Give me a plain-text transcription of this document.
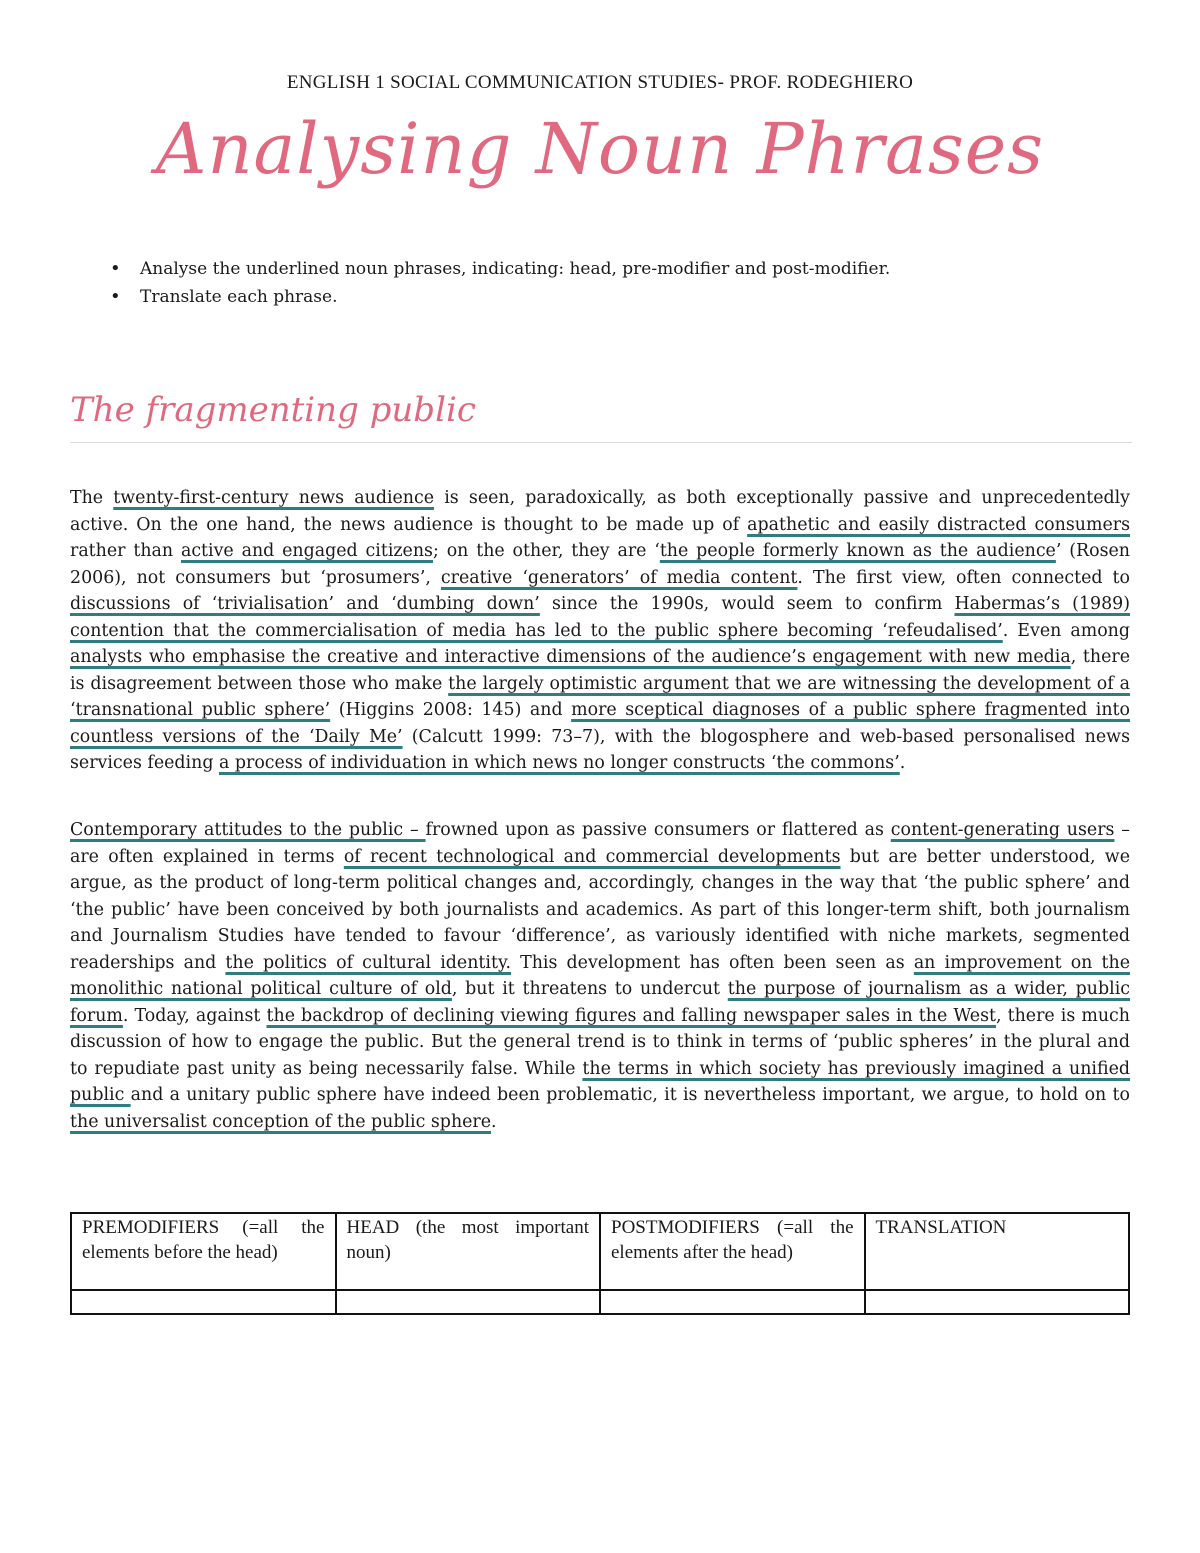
ENGLISH 1 SOCIAL COMMUNICATION STUDIES- PROF. RODEGHIERO
Analysing Noun Phrases
• Analyse the underlined noun phrases, indicating: head, pre-modifier and post-modifier.
• Translate each phrase.
The fragmenting public

The twenty-first-century news audience is seen, paradoxically, as both exceptionally passive and unprecedentedly active. On the one hand, the news audience is thought to be made up of apathetic and easily distracted consumers rather than active and engaged citizens; on the other, they are ‘the people formerly known as the audience’ (Rosen 2006), not consumers but ‘prosumers’, creative ‘generators’ of media content. The first view, often connected to discussions of ‘trivialisation’ and ‘dumbing down’ since the 1990s, would seem to confirm Habermas’s (1989) contention that the commercialisation of media has led to the public sphere becoming ‘refeudalised’. Even among analysts who emphasise the creative and interactive dimensions of the audience’s engagement with new media, there is disagreement between those who make the largely optimistic argument that we are witnessing the development of a ‘transnational public sphere’ (Higgins 2008: 145) and more sceptical diagnoses of a public sphere fragmented into countless versions of the ‘Daily Me’ (Calcutt 1999: 73–7), with the blogosphere and web-based personalised news services feeding a process of individuation in which news no longer constructs ‘the commons’.

Contemporary attitudes to the public – frowned upon as passive consumers or flattered as content-generating users – are often explained in terms of recent technological and commercial developments but are better understood, we argue, as the product of long-term political changes and, accordingly, changes in the way that ‘the public sphere’ and ‘the public’ have been conceived by both journalists and academics. As part of this longer-term shift, both journalism and Journalism Studies have tended to favour ‘difference’, as variously identified with niche markets, segmented readerships and the politics of cultural identity. This development has often been seen as an improvement on the monolithic national political culture of old, but it threatens to undercut the purpose of journalism as a wider, public forum. Today, against the backdrop of declining viewing figures and falling newspaper sales in the West, there is much discussion of how to engage the public. But the general trend is to think in terms of ‘public spheres’ in the plural and to repudiate past unity as being necessarily false. While the terms in which society has previously imagined a unified public and a unitary public sphere have indeed been problematic, it is nevertheless important, we argue, to hold on to the universalist conception of the public sphere.

PREMODIFIERS (=all the elements before the head)	HEAD (the most important noun)	POSTMODIFIERS (=all the elements after the head)	TRANSLATION
